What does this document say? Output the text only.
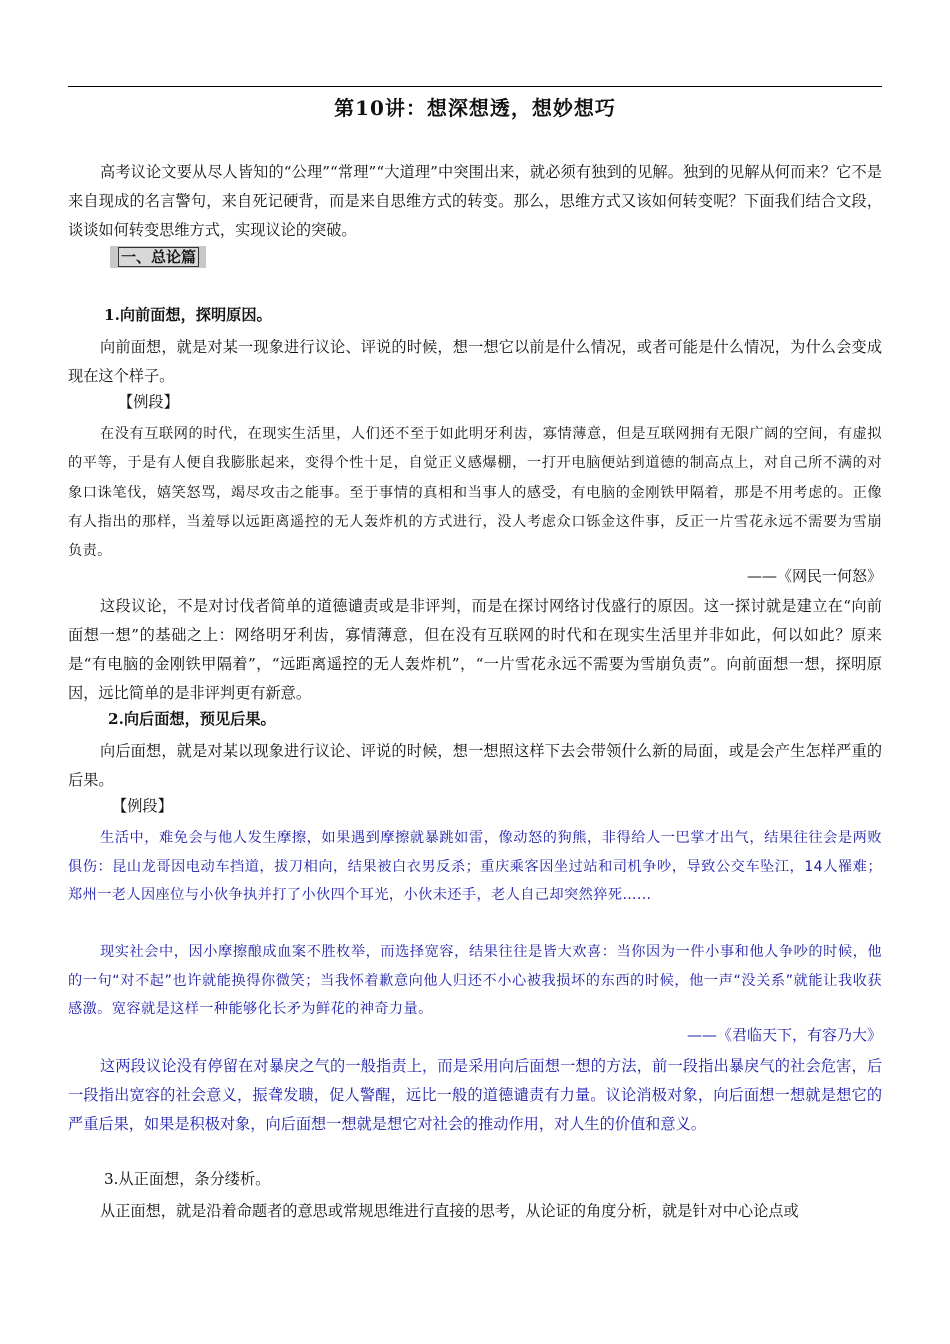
第10讲：想深想透，想妙想巧

高考议论文要从尽人皆知的“公理”“常理”“大道理”中突围出来，就必须有独到的见解。独到的见解从何而来？它不是来自现成的名言警句，来自死记硬背，而是来自思维方式的转变。那么，思维方式又该如何转变呢？下面我们结合文段，谈谈如何转变思维方式，实现议论的突破。

一、总论篇

1.向前面想，探明原因。

向前面想，就是对某一现象进行议论、评说的时候，想一想它以前是什么情况，或者可能是什么情况，为什么会变成现在这个样子。

【例段】

在没有互联网的时代，在现实生活里，人们还不至于如此明牙利齿，寡情薄意，但是互联网拥有无限广阔的空间，有虚拟的平等，于是有人便自我膨胀起来，变得个性十足，自觉正义感爆棚，一打开电脑便站到道德的制高点上，对自己所不满的对象口诛笔伐，嬉笑怒骂，竭尽攻击之能事。至于事情的真相和当事人的感受，有电脑的金刚铁甲隔着，那是不用考虑的。正像有人指出的那样，当羞辱以远距离遥控的无人轰炸机的方式进行，没人考虑众口铄金这件事，反正一片雪花永远不需要为雪崩负责。

——《网民一何怒》

这段议论，不是对讨伐者简单的道德谴责或是非评判，而是在探讨网络讨伐盛行的原因。这一探讨就是建立在“向前面想一想”的基础之上：网络明牙利齿，寡情薄意，但在没有互联网的时代和在现实生活里并非如此，何以如此？原来是“有电脑的金刚铁甲隔着”，“远距离遥控的无人轰炸机”，“一片雪花永远不需要为雪崩负责”。向前面想一想，探明原因，远比简单的是非评判更有新意。

2.向后面想，预见后果。

向后面想，就是对某以现象进行议论、评说的时候，想一想照这样下去会带领什么新的局面，或是会产生怎样严重的后果。

【例段】

生活中，难免会与他人发生摩擦，如果遇到摩擦就暴跳如雷，像动怒的狗熊，非得给人一巴掌才出气，结果往往会是两败俱伤：昆山龙哥因电动车挡道，拔刀相向，结果被白衣男反杀；重庆乘客因坐过站和司机争吵，导致公交车坠江，14人罹难；郑州一老人因座位与小伙争执并打了小伙四个耳光，小伙未还手，老人自己却突然猝死……

现实社会中，因小摩擦酿成血案不胜枚举，而选择宽容，结果往往是皆大欢喜：当你因为一件小事和他人争吵的时候，他的一句“对不起”也许就能换得你微笑；当我怀着歉意向他人归还不小心被我损坏的东西的时候，他一声“没关系”就能让我收获感激。宽容就是这样一种能够化长矛为鲜花的神奇力量。

——《君临天下，有容乃大》

这两段议论没有停留在对暴戾之气的一般指责上，而是采用向后面想一想的方法，前一段指出暴戾气的社会危害，后一段指出宽容的社会意义，振聋发聩，促人警醒，远比一般的道德谴责有力量。议论消极对象，向后面想一想就是想它的严重后果，如果是积极对象，向后面想一想就是想它对社会的推动作用，对人生的价值和意义。

3.从正面想，条分缕析。

从正面想，就是沿着命题者的意思或常规思维进行直接的思考，从论证的角度分析，就是针对中心论点或
